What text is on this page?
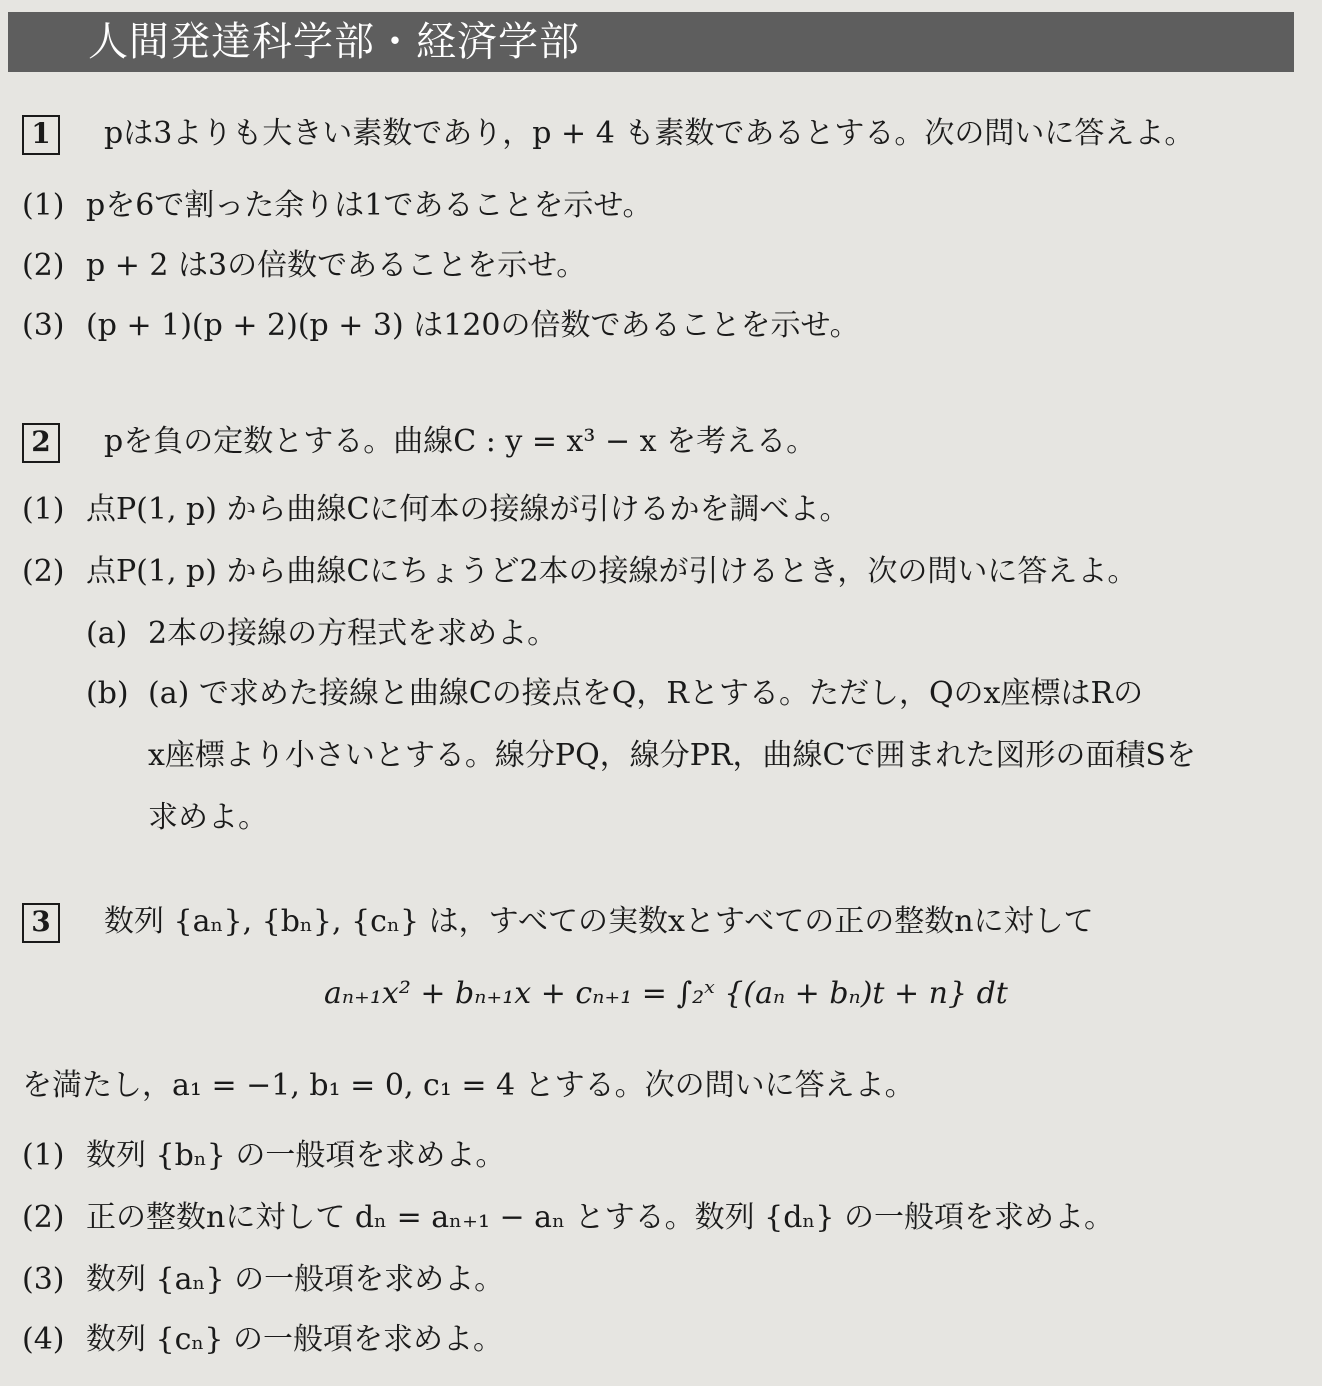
人間発達科学部・経済学部
1 pは3よりも大きい素数であり，p + 4 も素数であるとする。次の問いに答えよ。
(1) pを6で割った余りは1であることを示せ。
(2) p + 2 は3の倍数であることを示せ。
(3) (p + 1)(p + 2)(p + 3) は120の倍数であることを示せ。
2 pを負の定数とする。曲線C : y = x³ − x を考える。
(1) 点P(1, p) から曲線Cに何本の接線が引けるかを調べよ。
(2) 点P(1, p) から曲線Cにちょうど2本の接線が引けるとき，次の問いに答えよ。
(a) 2本の接線の方程式を求めよ。
(b) (a) で求めた接線と曲線Cの接点をQ，Rとする。ただし，Qのx座標はRの
x座標より小さいとする。線分PQ，線分PR，曲線Cで囲まれた図形の面積Sを
求めよ。
3 数列 {aₙ}, {bₙ}, {cₙ} は，すべての実数xとすべての正の整数nに対して
aₙ₊₁x² + bₙ₊₁x + cₙ₊₁ = ∫₂ˣ {(aₙ + bₙ)t + n} dt
を満たし，a₁ = −1, b₁ = 0, c₁ = 4 とする。次の問いに答えよ。
(1) 数列 {bₙ} の一般項を求めよ。
(2) 正の整数nに対して dₙ = aₙ₊₁ − aₙ とする。数列 {dₙ} の一般項を求めよ。
(3) 数列 {aₙ} の一般項を求めよ。
(4) 数列 {cₙ} の一般項を求めよ。
